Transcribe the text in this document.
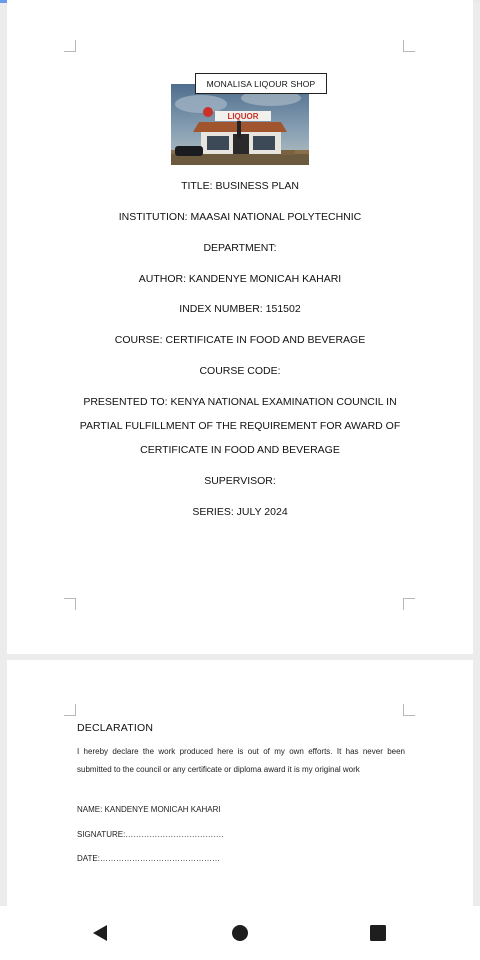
LIQUOR
MONALISA LIQOUR SHOP
TITLE: BUSINESS PLAN
INSTITUTION: MAASAI NATIONAL POLYTECHNIC
DEPARTMENT:
AUTHOR: KANDENYE MONICAH KAHARI
INDEX NUMBER: 151502
COURSE: CERTIFICATE IN FOOD AND BEVERAGE
COURSE CODE:
PRESENTED TO: KENYA NATIONAL EXAMINATION COUNCIL IN PARTIAL FULFILLMENT OF THE REQUIREMENT FOR AWARD OF CERTIFICATE IN FOOD AND BEVERAGE
SUPERVISOR:
SERIES: JULY 2024
DECLARATION
I hereby declare the work produced here is out of my own efforts. It has never been submitted to the council or any certificate or diploma award it is my original work
NAME: KANDENYE MONICAH KAHARI
SIGNATURE:……………………………….
DATE:………………………………………
